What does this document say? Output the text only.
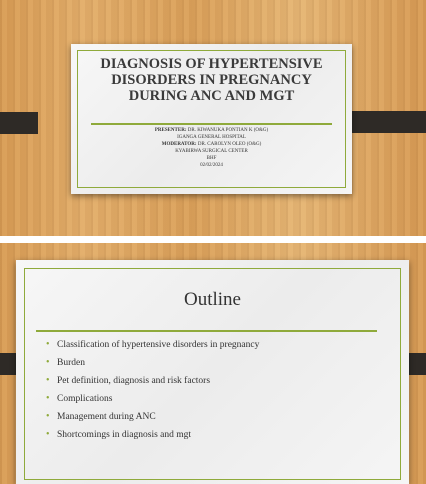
DIAGNOSIS OF HYPERTENSIVE
DISORDERS IN PREGNANCY
DURING ANC AND MGT
PRESENTER: DR. KIWANUKA PONTIAN K (O&G)
IGANGA GENERAL HOSPITAL
MODERATOR: DR. CAROLYN OLEO (O&G)
KYABIRWA SURGICAL CENTER
BHF
02/02/2024
Outline
• Classification of hypertensive disorders in pregnancy
• Burden
• Pet definition, diagnosis and risk factors
• Complications
• Management during ANC
• Shortcomings in diagnosis and mgt
